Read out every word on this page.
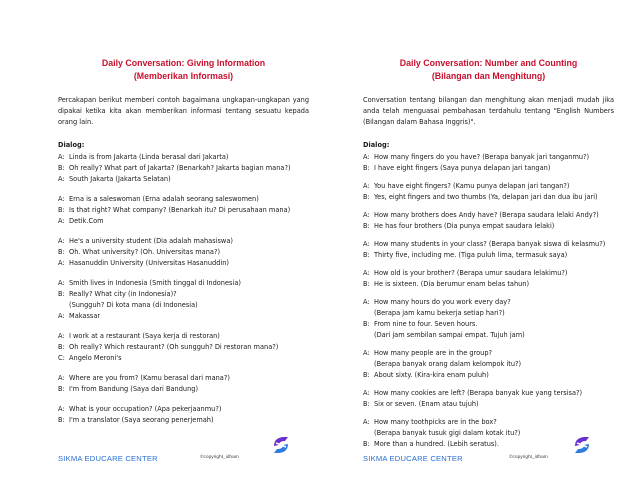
Daily Conversation: Giving Information
(Memberikan Informasi)

Percakapan berikut memberi contoh bagaimana ungkapan-ungkapan yang dipakai ketika kita akan memberikan informasi tentang sesuatu kepada orang lain.

Dialog:
A: Linda is from Jakarta (Linda berasal dari Jakarta)
B: Oh really? What part of Jakarta? (Benarkah? Jakarta bagian mana?)
A: South Jakarta (Jakarta Selatan)
A: Erna is a saleswoman (Erna adalah seorang saleswomen)
B: Is that right? What company? (Benarkah itu? Di perusahaan mana)
A: Detik.Com
A: He's a university student (Dia adalah mahasiswa)
B: Oh. What university? (Oh. Universitas mana?)
A: Hasanuddin University (Universitas Hasanuddin)
A: Smith lives in Indonesia (Smith tinggal di Indonesia)
B: Really? What city (in Indonesia)?
(Sungguh? Di kota mana (di Indonesia)
A: Makassar
A: I work at a restaurant (Saya kerja di restoran)
B: Oh really? Which restaurant? (Oh sungguh? Di restoran mana?)
C: Angelo Meroni's
A: Where are you from? (Kamu berasal dari mana?)
B: I'm from Bandung (Saya dari Bandung)
A: What is your occupation? (Apa pekerjaanmu?)
B: I'm a translator (Saya seorang penerjemah)
SIKMA EDUCARE CENTER	©copyright_idham
Daily Conversation: Number and Counting
(Bilangan dan Menghitung)

Conversation tentang bilangan dan menghitung akan menjadi mudah jika anda telah menguasai pembahasan terdahulu tentang "English Numbers (Bilangan dalam Bahasa Inggris)".

Dialog:
A: How many fingers do you have? (Berapa banyak jari tanganmu?)
B: I have eight fingers (Saya punya delapan jari tangan)
A: You have eight fingers? (Kamu punya delapan jari tangan?)
B: Yes, eight fingers and two thumbs (Ya, delapan jari dan dua ibu jari)
A: How many brothers does Andy have? (Berapa saudara lelaki Andy?)
B: He has four brothers (Dia punya empat saudara lelaki)
A: How many students in your class? (Berapa banyak siswa di kelasmu?)
B: Thirty five, including me. (Tiga puluh lima, termasuk saya)
A: How old is your brother? (Berapa umur saudara lelakimu?)
B: He is sixteen. (Dia berumur enam belas tahun)
A: How many hours do you work every day?
(Berapa jam kamu bekerja setiap hari?)
B: From nine to four. Seven hours.
(Dari jam sembilan sampai empat. Tujuh jam)
A: How many people are in the group?
(Berapa banyak orang dalam kelompok itu?)
B: About sixty. (Kira-kira enam puluh)
A: How many cookies are left? (Berapa banyak kue yang tersisa?)
B: Six or seven. (Enam atau tujuh)
A: How many toothpicks are in the box?
(Berapa banyak tusuk gigi dalam kotak itu?)
B: More than a hundred. (Lebih seratus).
SIKMA EDUCARE CENTER	©copyright_idham
